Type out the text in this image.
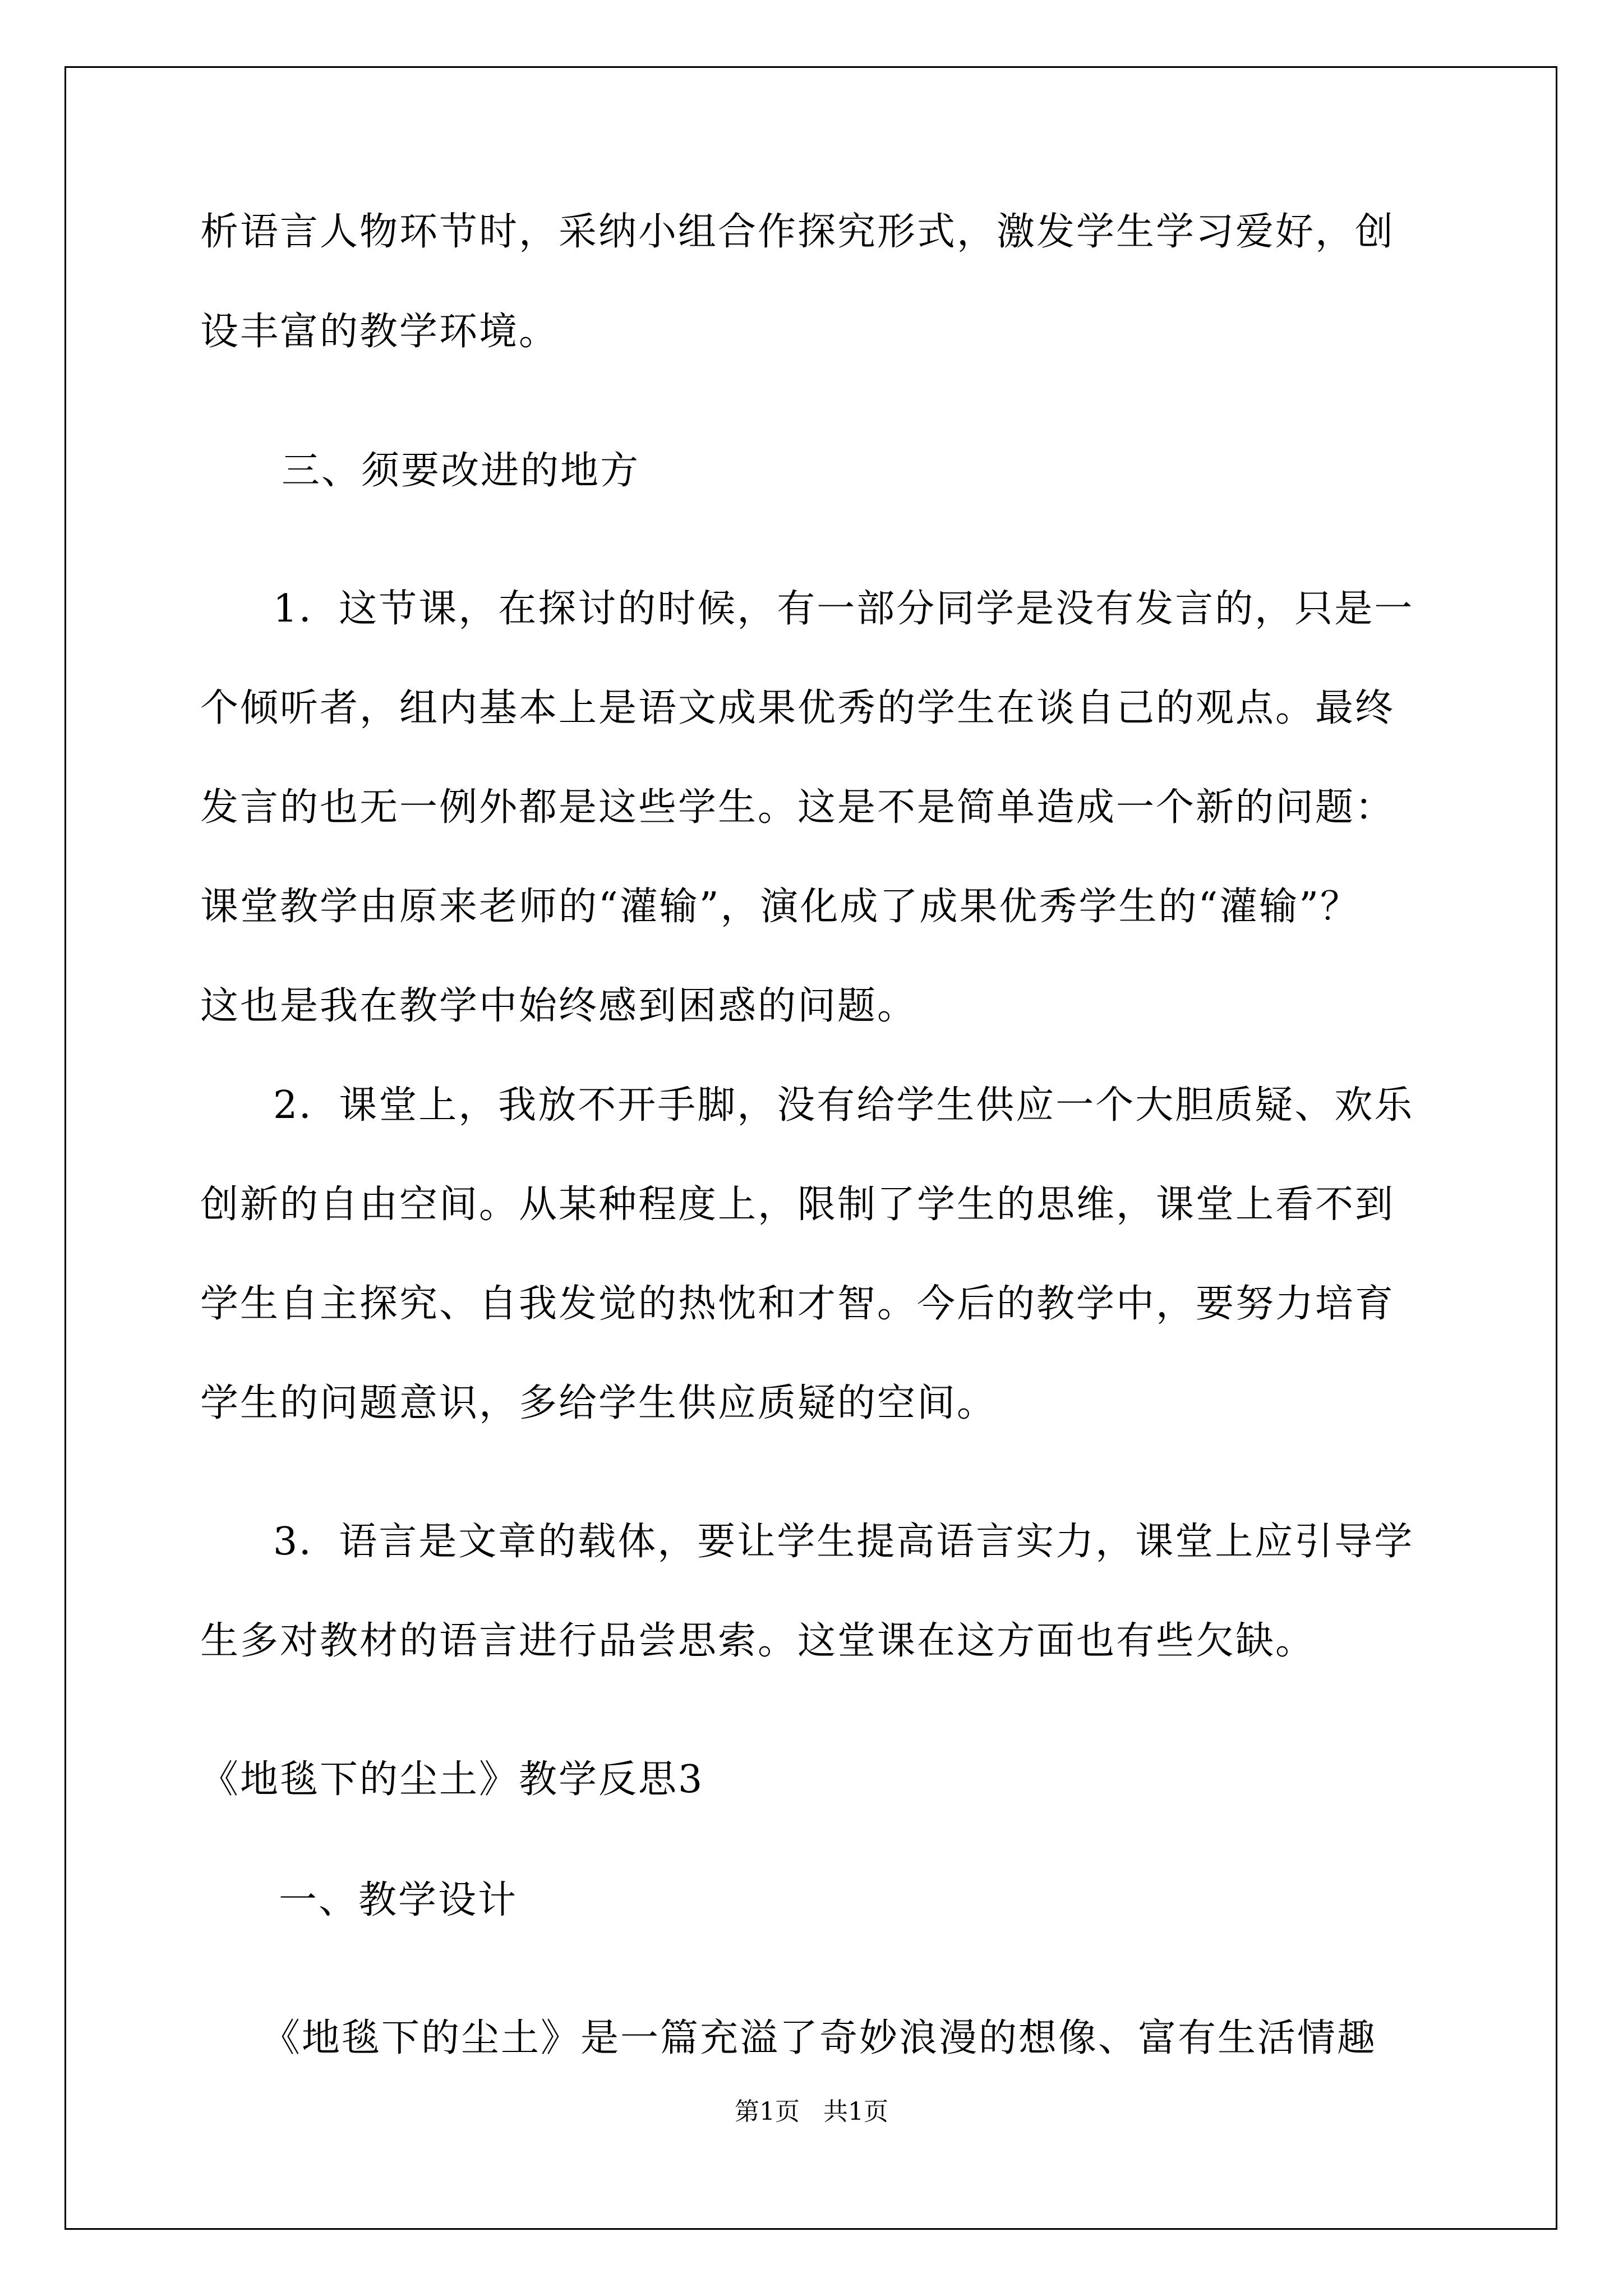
析语言人物环节时，采纳小组合作探究形式，激发学生学习爱好，创
设丰富的教学环境。
三、须要改进的地方
1．这节课，在探讨的时候，有一部分同学是没有发言的，只是一
个倾听者，组内基本上是语文成果优秀的学生在谈自己的观点。最终
发言的也无一例外都是这些学生。这是不是简单造成一个新的问题：
课堂教学由原来老师的“灌输”，演化成了成果优秀学生的“灌输”？
这也是我在教学中始终感到困惑的问题。
2．课堂上，我放不开手脚，没有给学生供应一个大胆质疑、欢乐
创新的自由空间。从某种程度上，限制了学生的思维，课堂上看不到
学生自主探究、自我发觉的热忱和才智。今后的教学中，要努力培育
学生的问题意识，多给学生供应质疑的空间。
3．语言是文章的载体，要让学生提高语言实力，课堂上应引导学
生多对教材的语言进行品尝思索。这堂课在这方面也有些欠缺。
《地毯下的尘土》教学反思3
一、教学设计
《地毯下的尘土》是一篇充溢了奇妙浪漫的想像、富有生活情趣
第1页   共1页
